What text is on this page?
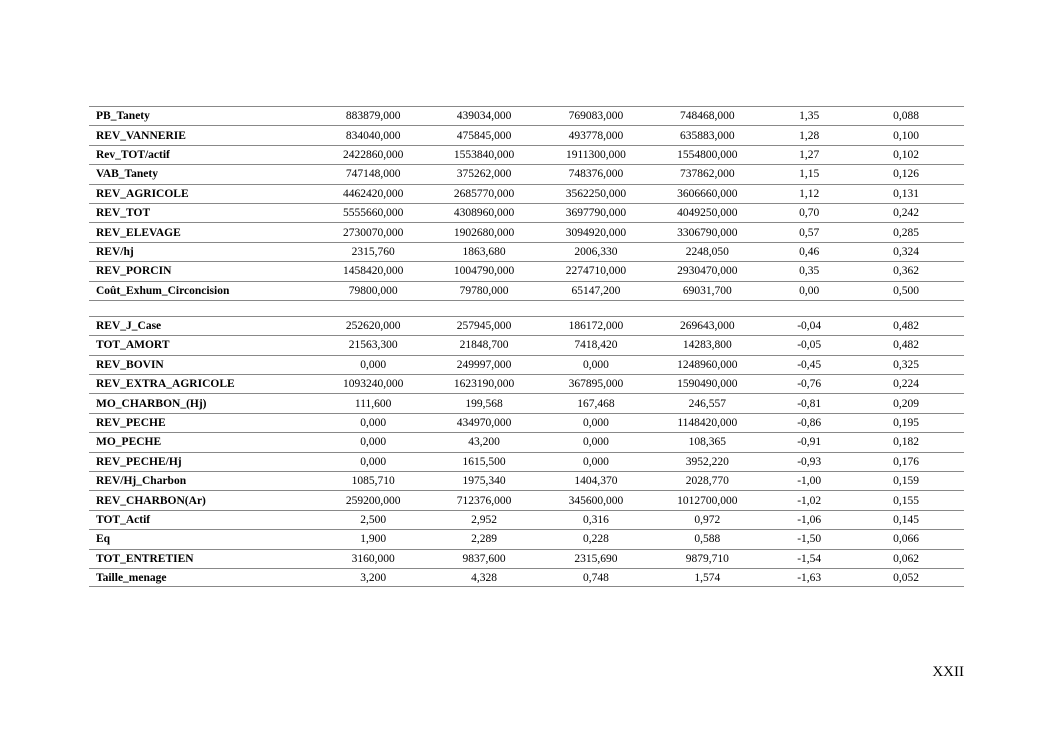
PB_Tanety	883879,000	439034,000	769083,000	748468,000	1,35	0,088
REV_VANNERIE	834040,000	475845,000	493778,000	635883,000	1,28	0,100
Rev_TOT/actif	2422860,000	1553840,000	1911300,000	1554800,000	1,27	0,102
VAB_Tanety	747148,000	375262,000	748376,000	737862,000	1,15	0,126
REV_AGRICOLE	4462420,000	2685770,000	3562250,000	3606660,000	1,12	0,131
REV_TOT	5555660,000	4308960,000	3697790,000	4049250,000	0,70	0,242
REV_ELEVAGE	2730070,000	1902680,000	3094920,000	3306790,000	0,57	0,285
REV/hj	2315,760	1863,680	2006,330	2248,050	0,46	0,324
REV_PORCIN	1458420,000	1004790,000	2274710,000	2930470,000	0,35	0,362
Coût_Exhum_Circoncision	79800,000	79780,000	65147,200	69031,700	0,00	0,500
REV_J_Case	252620,000	257945,000	186172,000	269643,000	-0,04	0,482
TOT_AMORT	21563,300	21848,700	7418,420	14283,800	-0,05	0,482
REV_BOVIN	0,000	249997,000	0,000	1248960,000	-0,45	0,325
REV_EXTRA_AGRICOLE	1093240,000	1623190,000	367895,000	1590490,000	-0,76	0,224
MO_CHARBON_(Hj)	111,600	199,568	167,468	246,557	-0,81	0,209
REV_PECHE	0,000	434970,000	0,000	1148420,000	-0,86	0,195
MO_PECHE	0,000	43,200	0,000	108,365	-0,91	0,182
REV_PECHE/Hj	0,000	1615,500	0,000	3952,220	-0,93	0,176
REV/Hj_Charbon	1085,710	1975,340	1404,370	2028,770	-1,00	0,159
REV_CHARBON(Ar)	259200,000	712376,000	345600,000	1012700,000	-1,02	0,155
TOT_Actif	2,500	2,952	0,316	0,972	-1,06	0,145
Eq	1,900	2,289	0,228	0,588	-1,50	0,066
TOT_ENTRETIEN	3160,000	9837,600	2315,690	9879,710	-1,54	0,062
Taille_menage	3,200	4,328	0,748	1,574	-1,63	0,052
XXII
